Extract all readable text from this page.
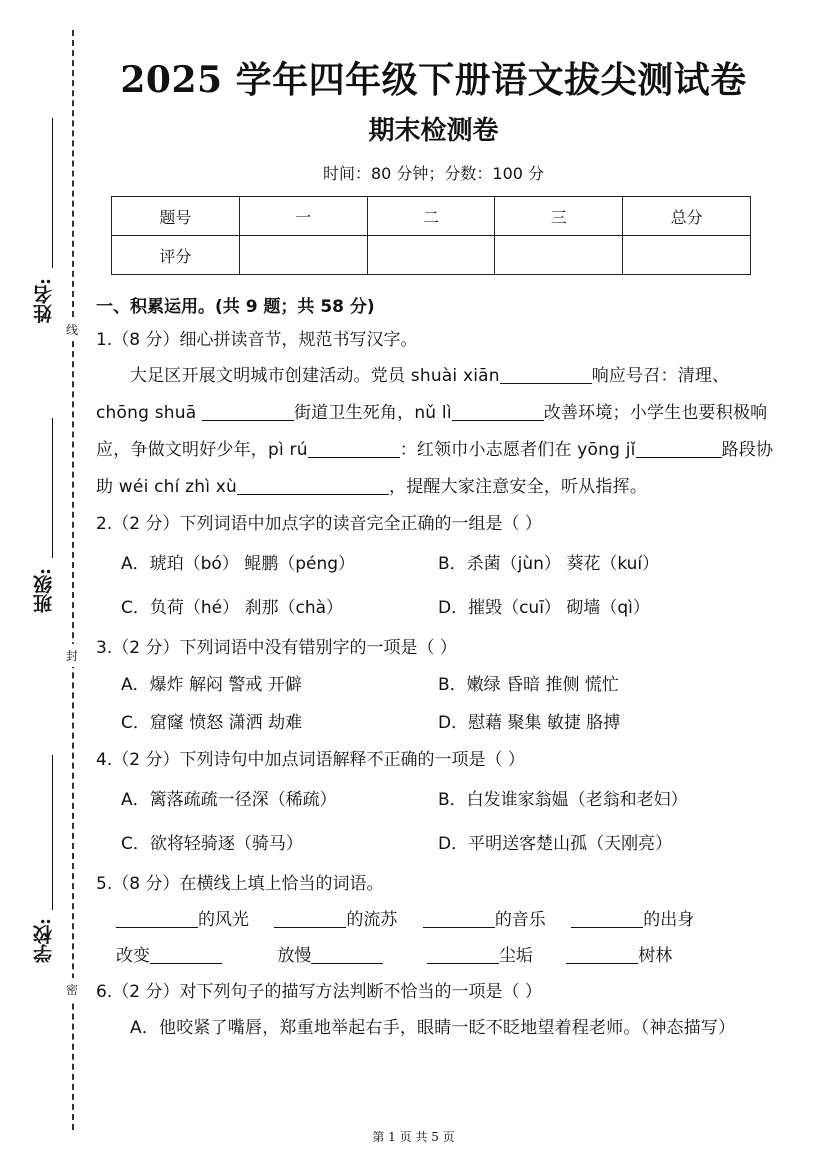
线
封
密
姓名:
班级:
学校:
2025 学年四年级下册语文拔尖测试卷
期末检测卷
时间：80 分钟；分数：100 分
题号	一	二	三	总分
评分				
一、积累运用。(共 9 题；共 58 分)
1.（8 分）细心拼读音节，规范书写汉字。
大足区开展文明城市创建活动。党员 shuài xiān	响应号召：清理、chōng shuā	街道卫生死角，nǔ lì	改善环境；小学生也要积极响应，争做文明好少年，pì rú	：红领巾小志愿者们在 yōng jǐ	路段协助 wéi chí zhì xù	，提醒大家注意安全，听从指挥。
2.（2 分）下列词语中加点字的读音完全正确的一组是（ ）
A．琥珀（bó） 鲲鹏（péng）	B．杀菌（jùn） 葵花（kuí）
C．负荷（hé） 刹那（chà）	D．摧毁（cuī） 砌墙（qì）
3.（2 分）下列词语中没有错别字的一项是（ ）
A．爆炸 解闷 警戒 开僻	B．嫩绿 昏暗 推侧 慌忙
C．窟窿 愤怒 潇洒 劫难	D．慰藉 聚集 敏捷 胳搏
4.（2 分）下列诗句中加点词语解释不正确的一项是（ ）
A．篱落疏疏一径深（稀疏）	B．白发谁家翁媪（老翁和老妇）
C．欲将轻骑逐（骑马）	D．平明送客楚山孤（天刚亮）
5.（8 分）在横线上填上恰当的词语。
的风光	的流苏	的音乐	的出身
改变	放慢	尘垢	树林
6.（2 分）对下列句子的描写方法判断不恰当的一项是（ ）
A．他咬紧了嘴唇，郑重地举起右手，眼睛一眨不眨地望着程老师。（神态描写）
第 1 页 共 5 页
